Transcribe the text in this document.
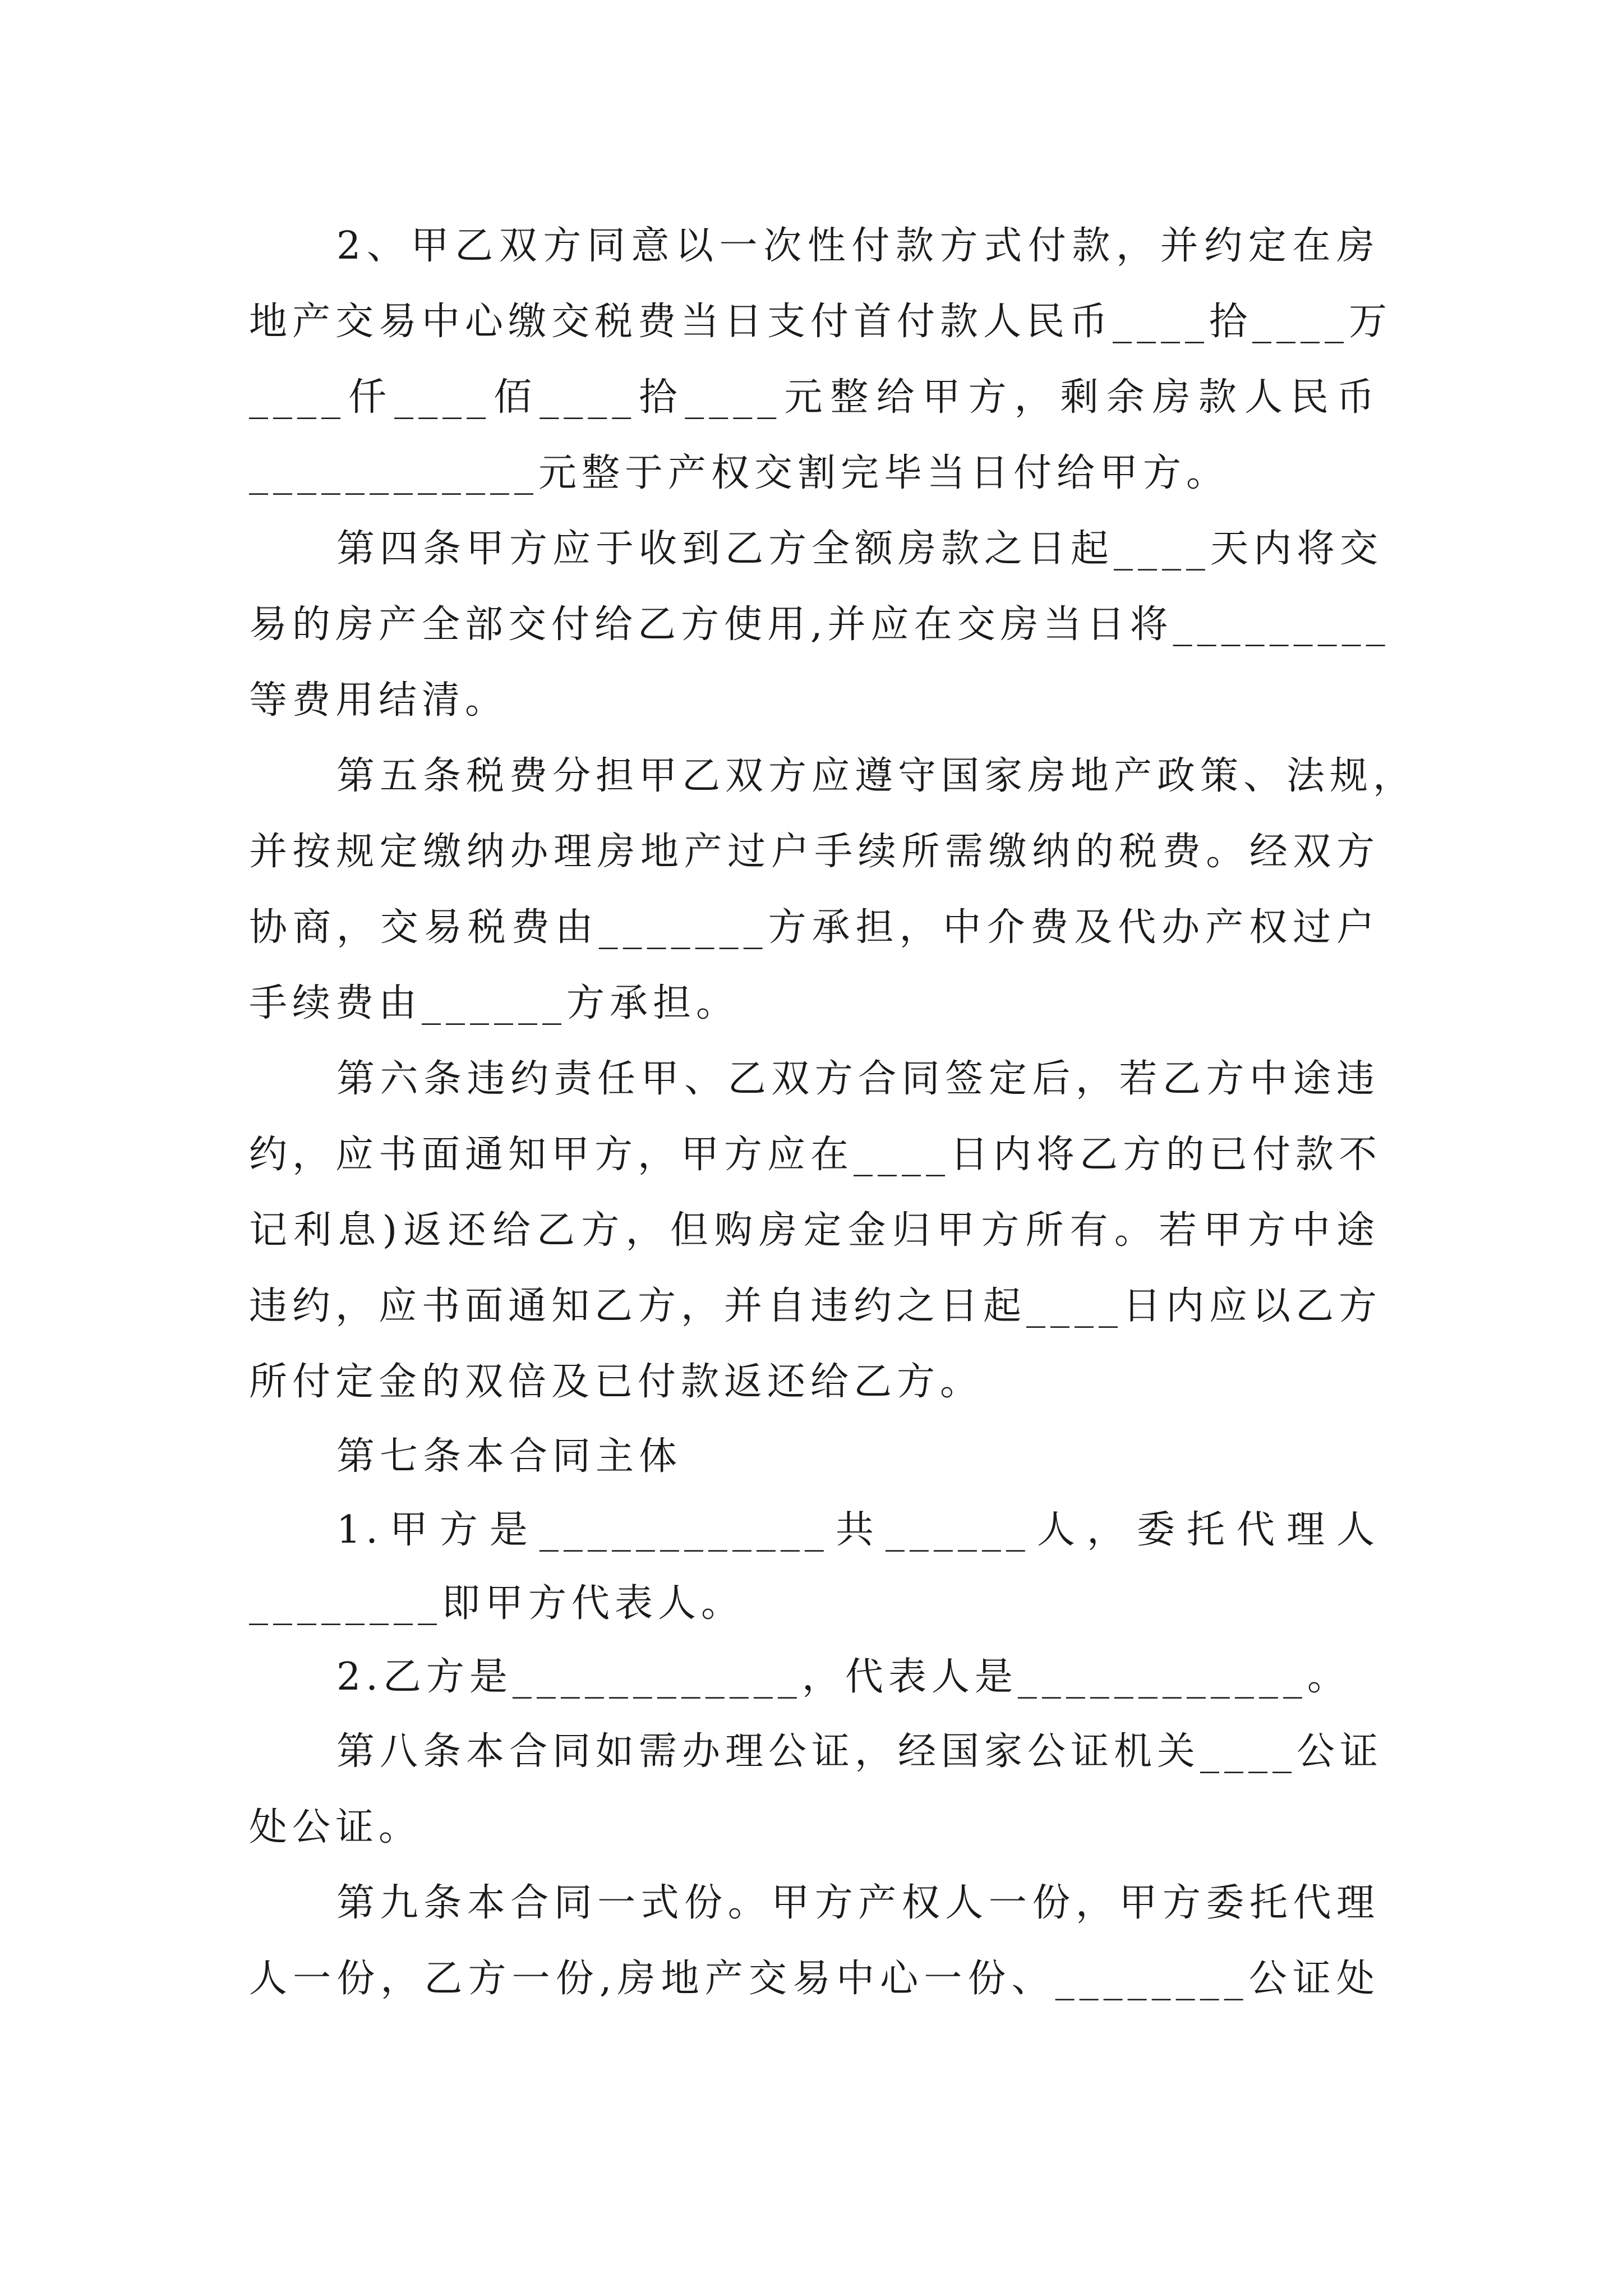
2、甲乙双方同意以一次性付款方式付款，并约定在房
地产交易中心缴交税费当日支付首付款人民币____拾____万
____仟____佰____拾____元整给甲方，剩余房款人民币
____________元整于产权交割完毕当日付给甲方。
第四条甲方应于收到乙方全额房款之日起____天内将交
易的房产全部交付给乙方使用,并应在交房当日将_________
等费用结清。
第五条税费分担甲乙双方应遵守国家房地产政策、法规，
并按规定缴纳办理房地产过户手续所需缴纳的税费。经双方
协商，交易税费由_______方承担，中介费及代办产权过户
手续费由______方承担。
第六条违约责任甲、乙双方合同签定后，若乙方中途违
约，应书面通知甲方，甲方应在____日内将乙方的已付款不
记利息)返还给乙方，但购房定金归甲方所有。若甲方中途
违约，应书面通知乙方，并自违约之日起____日内应以乙方
所付定金的双倍及已付款返还给乙方。
第七条本合同主体
1.甲方是____________共______人，委托代理人
________即甲方代表人。
2.乙方是____________，代表人是____________。
第八条本合同如需办理公证，经国家公证机关____公证
处公证。
第九条本合同一式份。甲方产权人一份，甲方委托代理
人一份，乙方一份,房地产交易中心一份、________公证处
